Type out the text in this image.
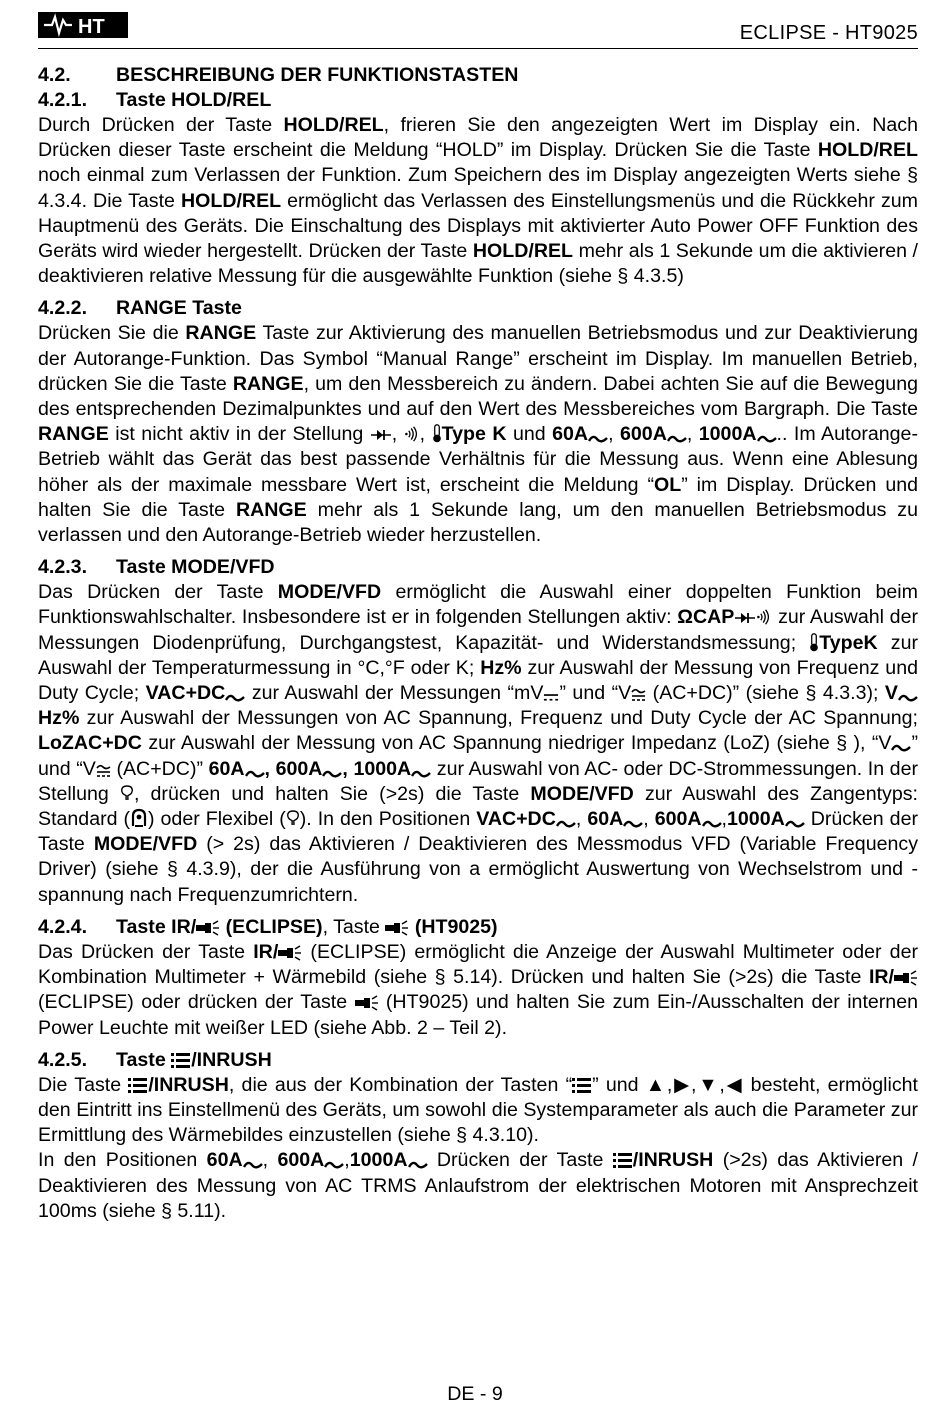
HT	ECLIPSE - HT9025
4.2. BESCHREIBUNG DER FUNKTIONSTASTEN
4.2.1. Taste HOLD/REL

Durch Drücken der Taste HOLD/REL, frieren Sie den angezeigten Wert im Display ein. Nach Drücken dieser Taste erscheint die Meldung “HOLD” im Display. Drücken Sie die Taste HOLD/REL noch einmal zum Verlassen der Funktion. Zum Speichern des im Display angezeigten Werts siehe § 4.3.4. Die Taste HOLD/REL ermöglicht das Verlassen des Einstellungsmenüs und die Rückkehr zum Hauptmenü des Geräts. Die Einschaltung des Displays mit aktivierter Auto Power OFF Funktion des Geräts wird wieder hergestellt. Drücken der Taste HOLD/REL mehr als 1 Sekunde um die aktivieren / deaktivieren relative Messung für die ausgewählte Funktion (siehe § 4.3.5)

4.2.2. RANGE Taste

Drücken Sie die RANGE Taste zur Aktivierung des manuellen Betriebsmodus und zur Deaktivierung der Autorange-Funktion. Das Symbol “Manual Range” erscheint im Display. Im manuellen Betrieb, drücken Sie die Taste RANGE, um den Messbereich zu ändern. Dabei achten Sie auf die Bewegung des entsprechenden Dezimalpunktes und auf den Wert des Messbereiches vom Bargraph. Die Taste RANGE ist nicht aktiv in der Stellung , , Type K und 60A , 600A , 1000A .. Im Autorange-Betrieb wählt das Gerät das best passende Verhältnis für die Messung aus. Wenn eine Ablesung höher als der maximale messbare Wert ist, erscheint die Meldung “OL” im Display. Drücken und halten Sie die Taste RANGE mehr als 1 Sekunde lang, um den manuellen Betriebsmodus zu verlassen und den Autorange-Betrieb wieder herzustellen.

4.2.3. Taste MODE/VFD

Das Drücken der Taste MODE/VFD ermöglicht die Auswahl einer doppelten Funktion beim Funktionswahlschalter. Insbesondere ist er in folgenden Stellungen aktiv: ΩCAP zur Auswahl der Messungen Diodenprüfung, Durchgangstest, Kapazität- und Widerstandsmessung; TypeK zur Auswahl der Temperaturmessung in °C,°F oder K; Hz% zur Auswahl der Messung von Frequenz und Duty Cycle; VAC+DC zur Auswahl der Messungen “mV ” und “V (AC+DC)” (siehe § 4.3.3); VHz% zur Auswahl der Messungen von AC Spannung, Frequenz und Duty Cycle der AC Spannung; LoZAC+DC zur Auswahl der Messung von AC Spannung niedriger Impedanz (LoZ) (siehe § ), “V ” und “V (AC+DC)” 60A , 600A , 1000A zur Auswahl von AC- oder DC-Strommessungen. In der Stellung , drücken und halten Sie (>2s) die Taste MODE/VFD zur Auswahl des Zangentyps: Standard ( ) oder Flexibel ( ). In den Positionen VAC+DC , 60A , 600A ,1000A Drücken der Taste MODE/VFD (> 2s) das Aktivieren / Deaktivieren des Messmodus VFD (Variable Frequency Driver) (siehe § 4.3.9), der die Ausführung von a ermöglicht Auswertung von Wechselstrom und -spannung nach Frequenzumrichtern.

4.2.4. Taste IR/ (ECLIPSE), Taste  (HT9025)

Das Drücken der Taste IR/ (ECLIPSE) ermöglicht die Anzeige der Auswahl Multimeter oder der Kombination Multimeter + Wärmebild (siehe § 5.14). Drücken und halten Sie (>2s) die Taste IR/ (ECLIPSE) oder drücken der Taste  (HT9025) und halten Sie zum Ein-/Ausschalten der internen Power Leuchte mit weißer LED (siehe Abb. 2 – Teil 2).

4.2.5. Taste /INRUSH

Die Taste /INRUSH, die aus der Kombination der Tasten “ ” und ▲,▶,▼,◀ besteht, ermöglicht den Eintritt ins Einstellmenü des Geräts, um sowohl die Systemparameter als auch die Parameter zur Ermittlung des Wärmebildes einzustellen (siehe § 4.3.10).

In den Positionen 60A , 600A ,1000A Drücken der Taste /INRUSH (>2s) das Aktivieren / Deaktivieren des Messung von AC TRMS Anlaufstrom der elektrischen Motoren mit Ansprechzeit 100ms (siehe § 5.11).

DE - 9
